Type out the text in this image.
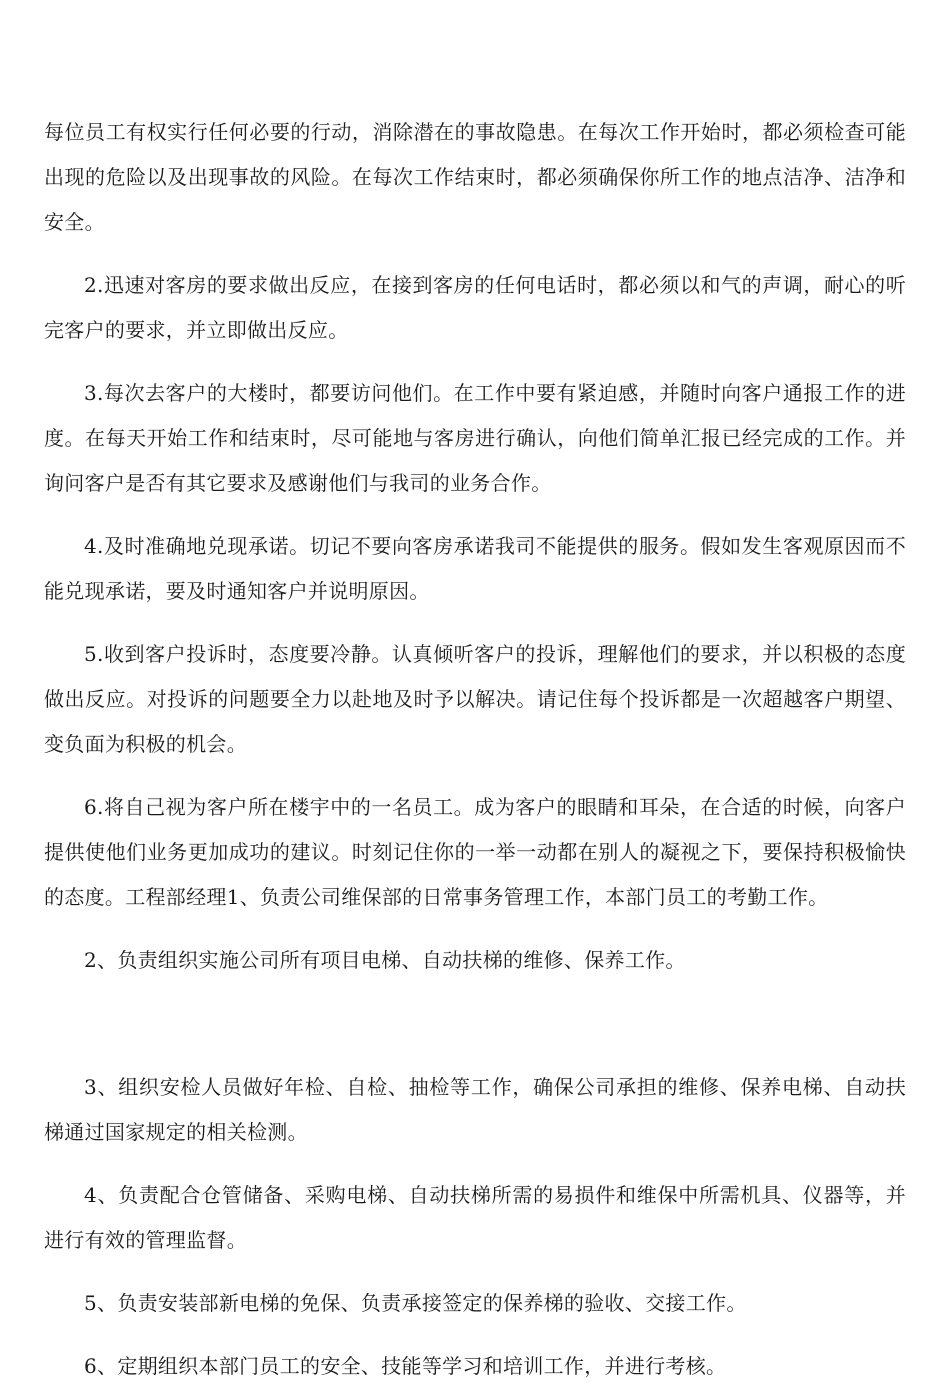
每位员工有权实行任何必要的行动，消除潜在的事故隐患。在每次工作开始时，都必须检查可能出现的危险以及出现事故的风险。在每次工作结束时，都必须确保你所工作的地点洁净、洁净和安全。

2.迅速对客房的要求做出反应，在接到客房的任何电话时，都必须以和气的声调，耐心的听完客户的要求，并立即做出反应。

3.每次去客户的大楼时，都要访问他们。在工作中要有紧迫感，并随时向客户通报工作的进度。在每天开始工作和结束时，尽可能地与客房进行确认，向他们简单汇报已经完成的工作。并询问客户是否有其它要求及感谢他们与我司的业务合作。

4.及时准确地兑现承诺。切记不要向客房承诺我司不能提供的服务。假如发生客观原因而不能兑现承诺，要及时通知客户并说明原因。

5.收到客户投诉时，态度要冷静。认真倾听客户的投诉，理解他们的要求，并以积极的态度做出反应。对投诉的问题要全力以赴地及时予以解决。请记住每个投诉都是一次超越客户期望、变负面为积极的机会。

6.将自己视为客户所在楼宇中的一名员工。成为客户的眼睛和耳朵，在合适的时候，向客户提供使他们业务更加成功的建议。时刻记住你的一举一动都在别人的凝视之下，要保持积极愉快的态度。工程部经理1、负责公司维保部的日常事务管理工作，本部门员工的考勤工作。

2、负责组织实施公司所有项目电梯、自动扶梯的维修、保养工作。

3、组织安检人员做好年检、自检、抽检等工作，确保公司承担的维修、保养电梯、自动扶梯通过国家规定的相关检测。

4、负责配合仓管储备、采购电梯、自动扶梯所需的易损件和维保中所需机具、仪器等，并进行有效的管理监督。

5、负责安装部新电梯的免保、负责承接签定的保养梯的验收、交接工作。

6、定期组织本部门员工的安全、技能等学习和培训工作，并进行考核。
